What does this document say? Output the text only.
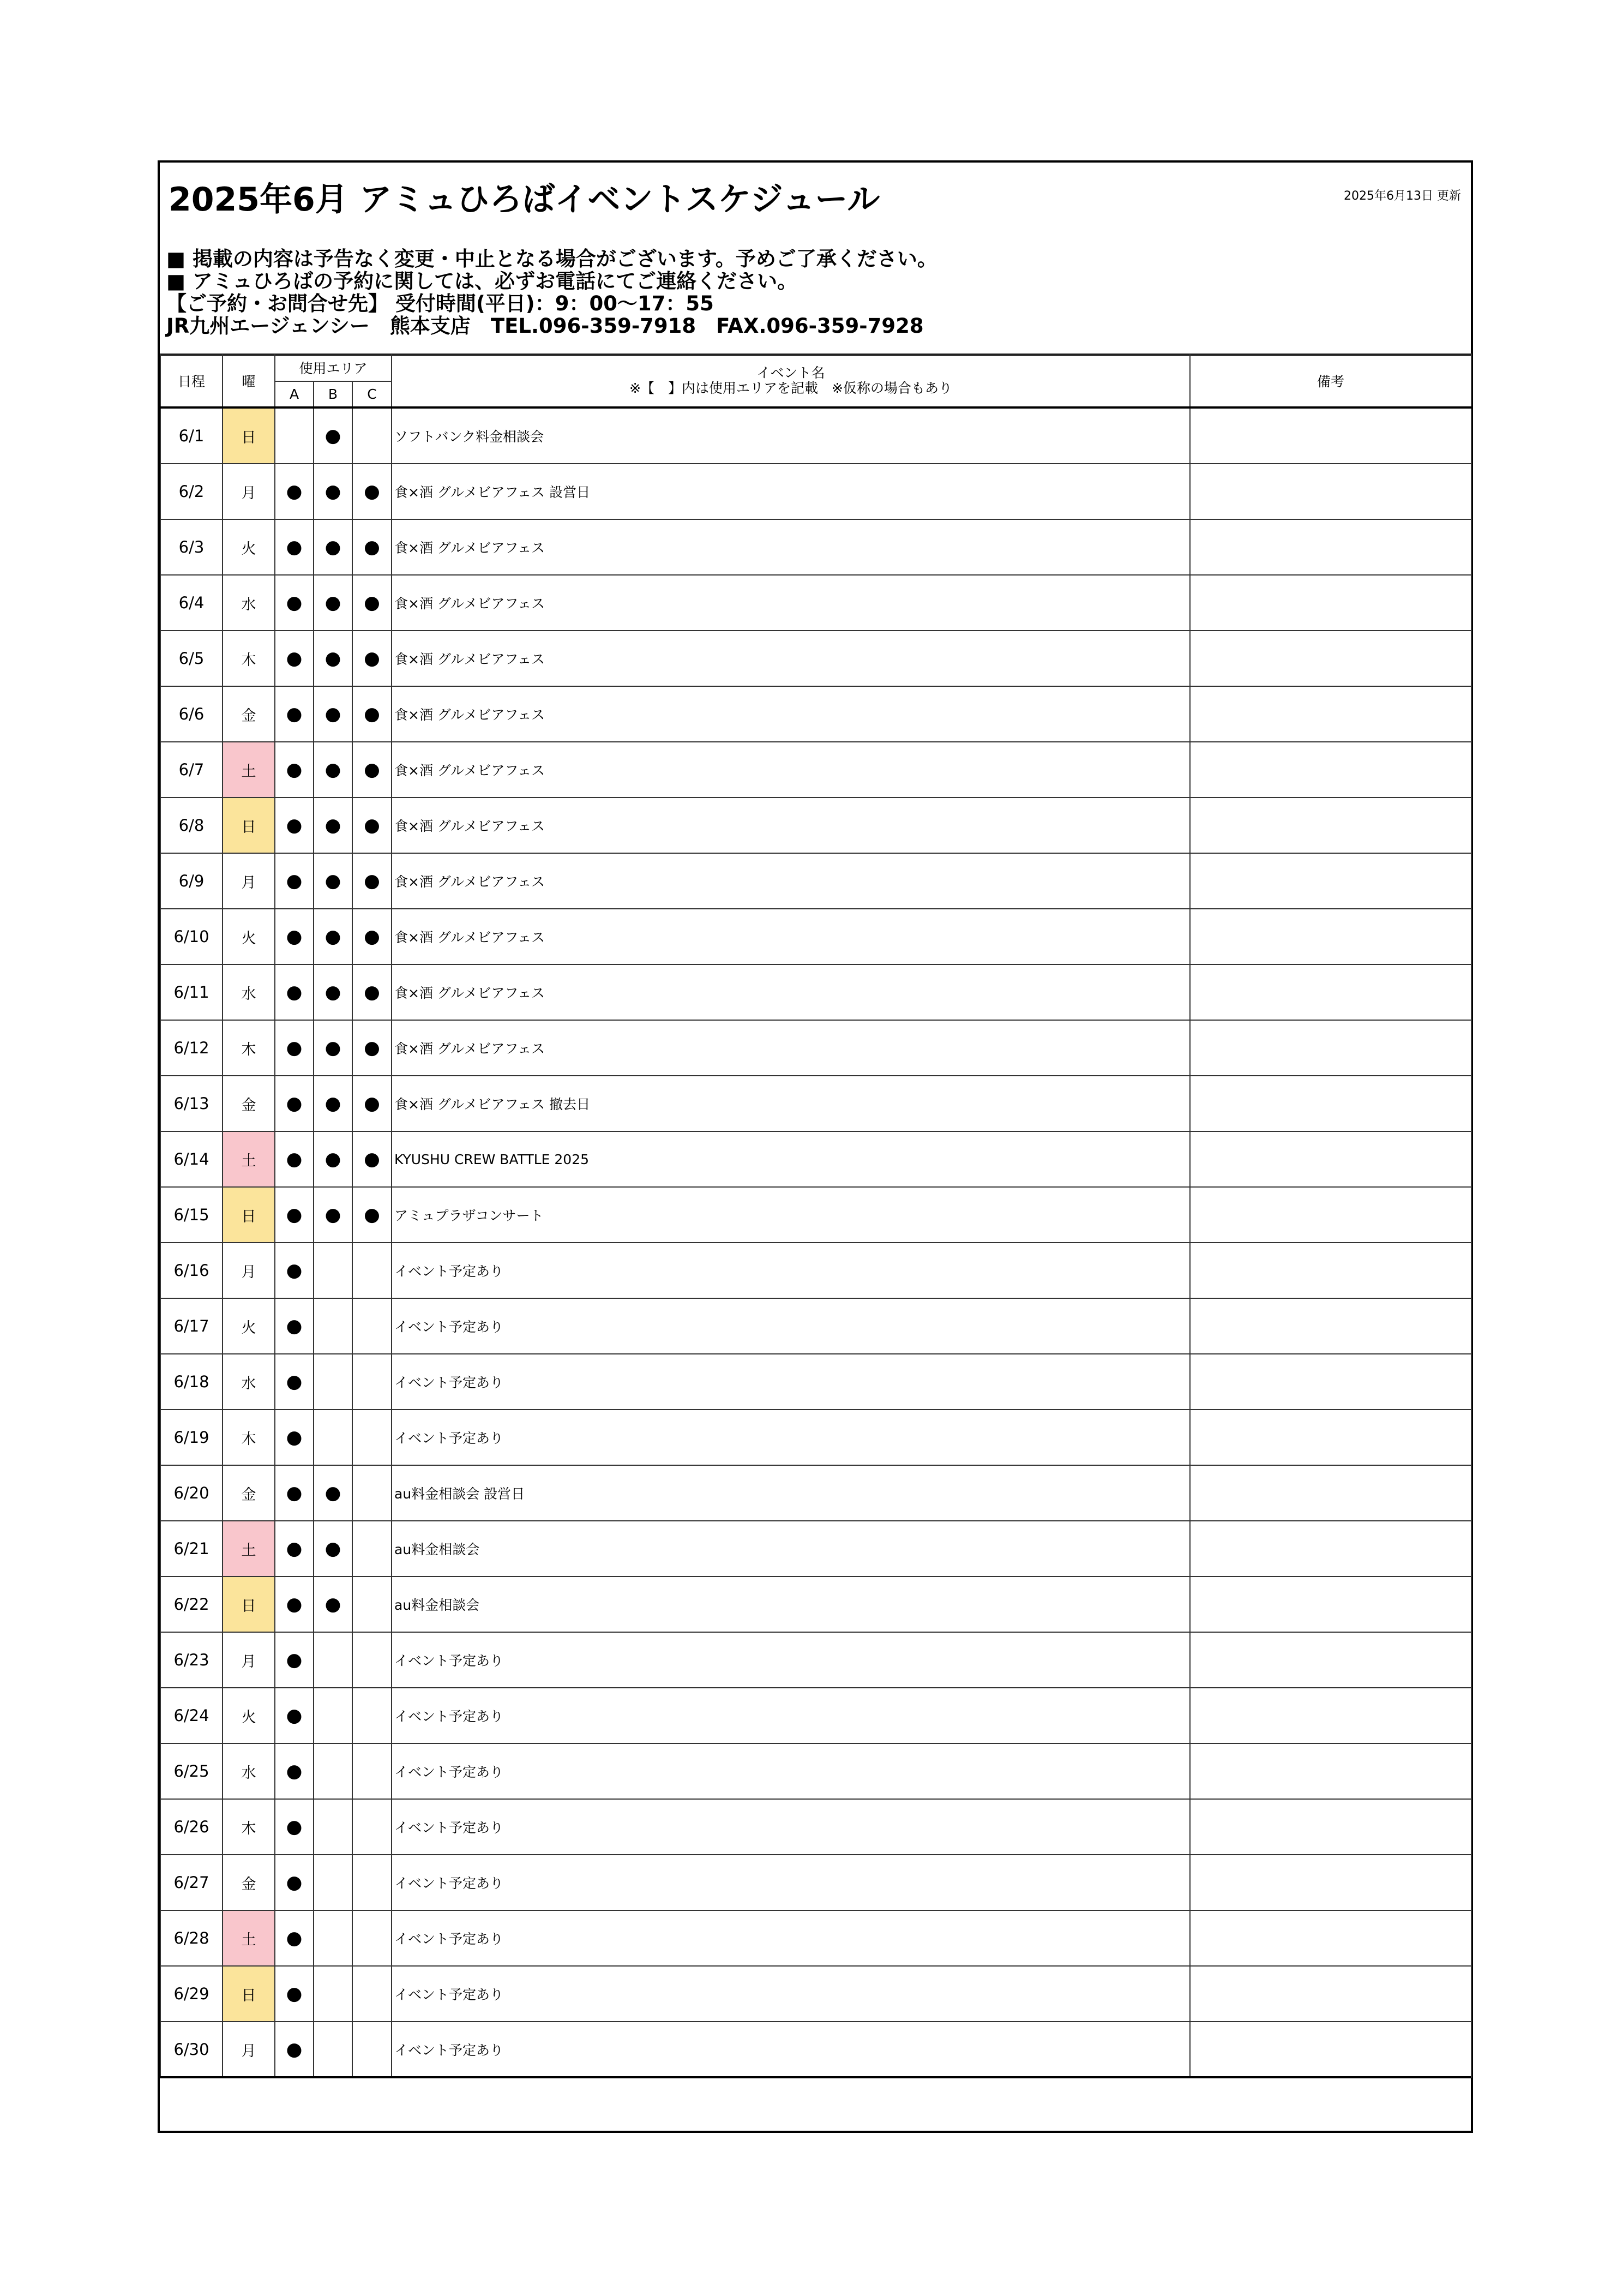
2025年6月 アミュひろばイベントスケジュール	2025年6月13日 更新
■ 掲載の内容は予告なく変更・中止となる場合がございます。予めご了承ください。
■ アミュひろばの予約に関しては、必ずお電話にてご連絡ください。
【ご予約・お問合せ先】 受付時間(平日)：9：00～17：55
JR九州エージェンシー　熊本支店　TEL.096-359-7918　FAX.096-359-7928
日程	曜	使用エリア			イベント名
※【　】内は使用エリアを記載　※仮称の場合もあり	備考
		A	B	C		
6/1	日		●		ソフトバンク料金相談会	
6/2	月	●	●	●	食×酒 グルメビアフェス 設営日	
6/3	火	●	●	●	食×酒 グルメビアフェス	
6/4	水	●	●	●	食×酒 グルメビアフェス	
6/5	木	●	●	●	食×酒 グルメビアフェス	
6/6	金	●	●	●	食×酒 グルメビアフェス	
6/7	土	●	●	●	食×酒 グルメビアフェス	
6/8	日	●	●	●	食×酒 グルメビアフェス	
6/9	月	●	●	●	食×酒 グルメビアフェス	
6/10	火	●	●	●	食×酒 グルメビアフェス	
6/11	水	●	●	●	食×酒 グルメビアフェス	
6/12	木	●	●	●	食×酒 グルメビアフェス	
6/13	金	●	●	●	食×酒 グルメビアフェス 撤去日	
6/14	土	●	●	●	KYUSHU CREW BATTLE 2025	
6/15	日	●	●	●	アミュプラザコンサート	
6/16	月	●			イベント予定あり	
6/17	火	●			イベント予定あり	
6/18	水	●			イベント予定あり	
6/19	木	●			イベント予定あり	
6/20	金	●	●		au料金相談会 設営日	
6/21	土	●	●		au料金相談会	
6/22	日	●	●		au料金相談会	
6/23	月	●			イベント予定あり	
6/24	火	●			イベント予定あり	
6/25	水	●			イベント予定あり	
6/26	木	●			イベント予定あり	
6/27	金	●			イベント予定あり	
6/28	土	●			イベント予定あり	
6/29	日	●			イベント予定あり	
6/30	月	●			イベント予定あり	
